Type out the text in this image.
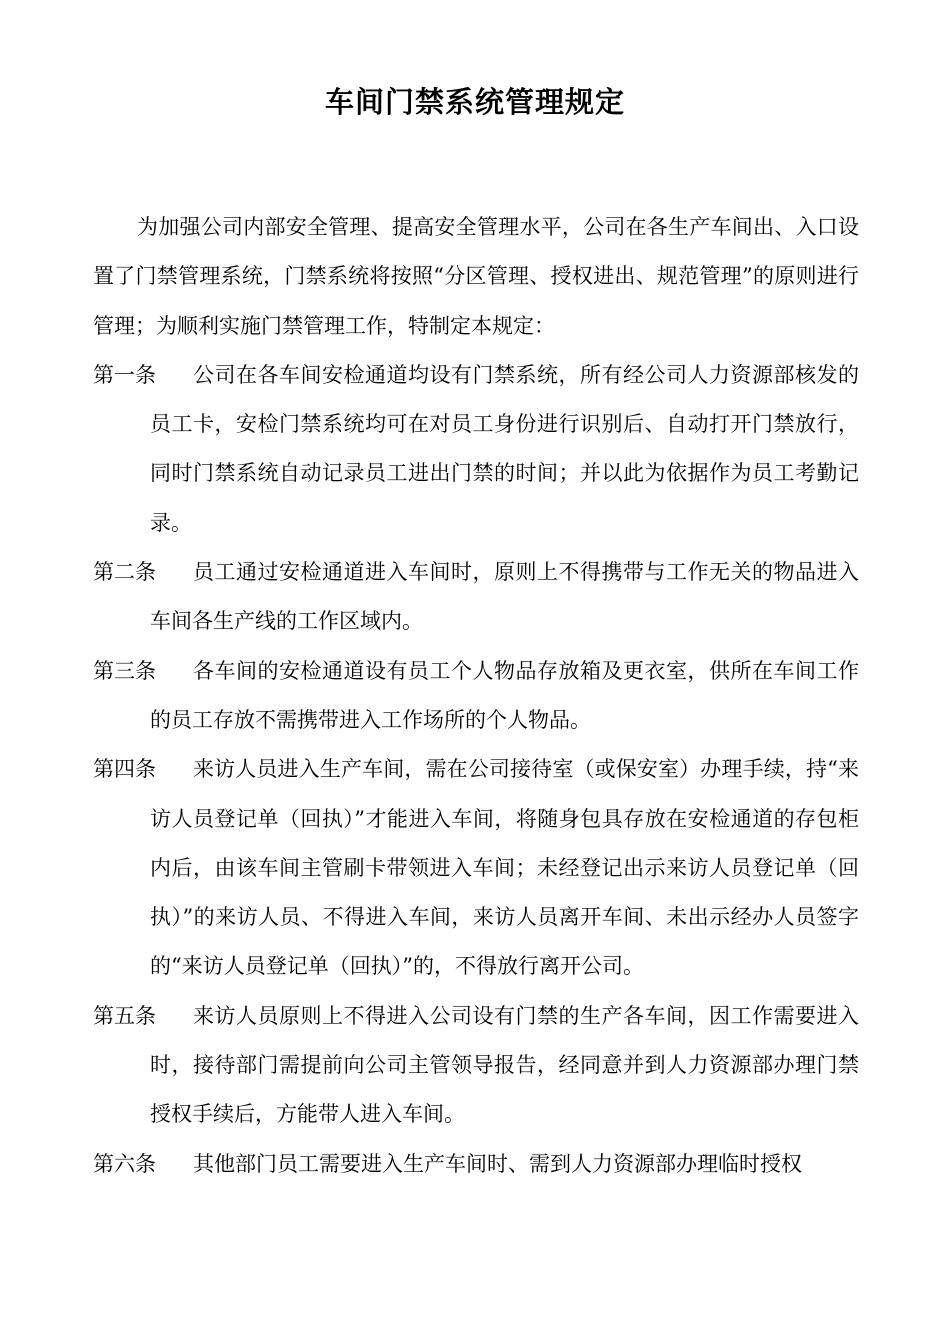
车间门禁系统管理规定

为加强公司内部安全管理、提高安全管理水平，公司在各生产车间出、入口设置了门禁管理系统，门禁系统将按照“分区管理、授权进出、规范管理”的原则进行管理；为顺利实施门禁管理工作，特制定本规定：

第一条	公司在各车间安检通道均设有门禁系统，所有经公司人力资源部核发的员工卡，安检门禁系统均可在对员工身份进行识别后、自动打开门禁放行，同时门禁系统自动记录员工进出门禁的时间；并以此为依据作为员工考勤记录。
第二条	员工通过安检通道进入车间时，原则上不得携带与工作无关的物品进入车间各生产线的工作区域内。
第三条	各车间的安检通道设有员工个人物品存放箱及更衣室，供所在车间工作的员工存放不需携带进入工作场所的个人物品。
第四条	来访人员进入生产车间，需在公司接待室（或保安室）办理手续，持“来访人员登记单（回执）”才能进入车间，将随身包具存放在安检通道的存包柜内后，由该车间主管刷卡带领进入车间；未经登记出示来访人员登记单（回执）”的来访人员、不得进入车间，来访人员离开车间、未出示经办人员签字的“来访人员登记单（回执）”的，不得放行离开公司。
第五条	来访人员原则上不得进入公司设有门禁的生产各车间，因工作需要进入时，接待部门需提前向公司主管领导报告，经同意并到人力资源部办理门禁授权手续后，方能带人进入车间。
第六条	其他部门员工需要进入生产车间时、需到人力资源部办理临时授权
